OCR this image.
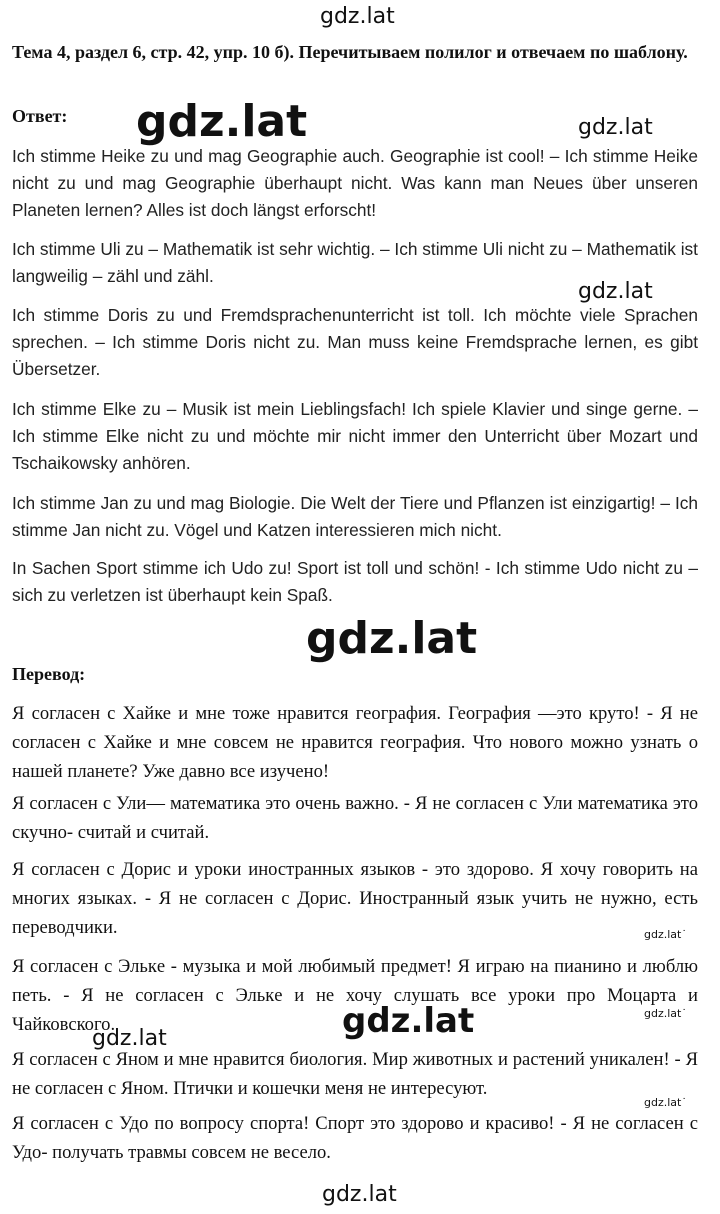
gdz.lat
gdz.lat	gdz.lat
gdz.lat
gdz.lat
gdz.lat˙
gdz.lat˙
gdz.lat
gdz.lat
gdz.lat˙
gdz.lat
Тема 4, раздел 6, стр. 42, упр. 10 б). Перечитываем полилог и отвечаем по шаблону.
Ответ:

Ich stimme Heike zu und mag Geographie auch. Geographie ist cool! – Ich stimme Heike nicht zu und mag Geographie überhaupt nicht. Was kann man Neues über unseren Planeten lernen? Alles ist doch längst erforscht!

Ich stimme Uli zu – Mathematik ist sehr wichtig. – Ich stimme Uli nicht zu – Mathematik ist langweilig – zähl und zähl.

Ich stimme Doris zu und Fremdsprachenunterricht ist toll. Ich möchte viele Sprachen sprechen. – Ich stimme Doris nicht zu. Man muss keine Fremdsprache lernen, es gibt Übersetzer.

Ich stimme Elke zu – Musik ist mein Lieblingsfach! Ich spiele Klavier und singe gerne. – Ich stimme Elke nicht zu und möchte mir nicht immer den Unterricht über Mozart und Tschaikowsky anhören.

Ich stimme Jan zu und mag Biologie. Die Welt der Tiere und Pflanzen ist einzigartig! – Ich stimme Jan nicht zu. Vögel und Katzen interessieren mich nicht.

In Sachen Sport stimme ich Udo zu! Sport ist toll und schön! - Ich stimme Udo nicht zu – sich zu verletzen ist überhaupt kein Spaß.

Перевод:

Я согласен с Хайке и мне тоже нравится география. География —это круто! - Я не согласен с Хайке и мне совсем не нравится география. Что нового можно узнать о нашей планете? Уже давно все изучено!

Я согласен с Ули— математика это очень важно. - Я не согласен с Ули математика это скучно- считай и считай.

Я согласен с Дорис и уроки иностранных языков - это здорово. Я хочу говорить на многих языках. - Я не согласен с Дорис. Иностранный язык учить не нужно, есть переводчики.

Я согласен с Элькe - музыка и мой любимый предмет! Я играю на пианино и люблю петь. - Я не согласен с Элькe и не хочу слушать все уроки про Моцарта и Чайковского.

Я согласен с Яном и мне нравится биология. Мир животных и растений уникален! - Я не согласен с Яном. Птички и кошечки меня не интересуют.

Я согласен с Удо по вопросу спорта! Спорт это здорово и красиво! - Я не согласен с Удо- получать травмы совсем не весело.
